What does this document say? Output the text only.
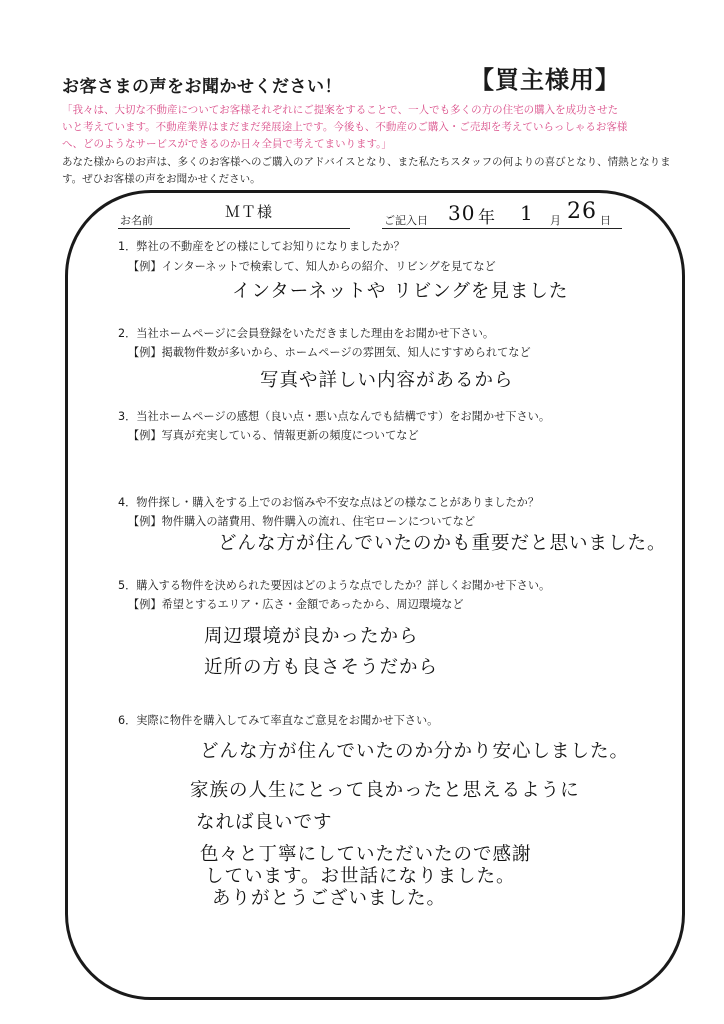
お客さまの声をお聞かせください！	【買主様用】
「我々は、大切な不動産についてお客様それぞれにご提案をすることで、一人でも多くの方の住宅の購入を成功させた
いと考えています。不動産業界はまだまだ発展途上です。今後も、不動産のご購入・ご売却を考えていらっしゃるお客様
へ、どのようなサービスができるのか日々全員で考えてまいります。」
あなた様からのお声は、多くのお客様へのご購入のアドバイスとなり、また私たちスタッフの何よりの喜びとなり、情熱となりま
す。ぜひお客様の声をお聞かせください。
お名前	ＭＴ様	ご記入日 30 年 1 月 26 日
1．弊社の不動産をどの様にしてお知りになりましたか？
【例】インターネットで検索して、知人からの紹介、リビングを見てなど
インターネットや リビングを見ました
2．当社ホームページに会員登録をいただきました理由をお聞かせ下さい。
【例】掲載物件数が多いから、ホームページの雰囲気、知人にすすめられてなど
写真や詳しい内容があるから
3．当社ホームページの感想（良い点・悪い点なんでも結構です）をお聞かせ下さい。
【例】写真が充実している、情報更新の頻度についてなど
4．物件探し・購入をする上でのお悩みや不安な点はどの様なことがありましたか？
【例】物件購入の諸費用、物件購入の流れ、住宅ローンについてなど
どんな方が住んでいたのかも重要だと思いました。
5．購入する物件を決められた要因はどのような点でしたか？詳しくお聞かせ下さい。
【例】希望とするエリア・広さ・金額であったから、周辺環境など
周辺環境が良かったから
近所の方も良さそうだから
6．実際に物件を購入してみて率直なご意見をお聞かせ下さい。
どんな方が住んでいたのか分かり安心しました。
家族の人生にとって良かったと思えるように
なれば良いです
色々と丁寧にしていただいたので感謝
しています。お世話になりました。
ありがとうございました。
